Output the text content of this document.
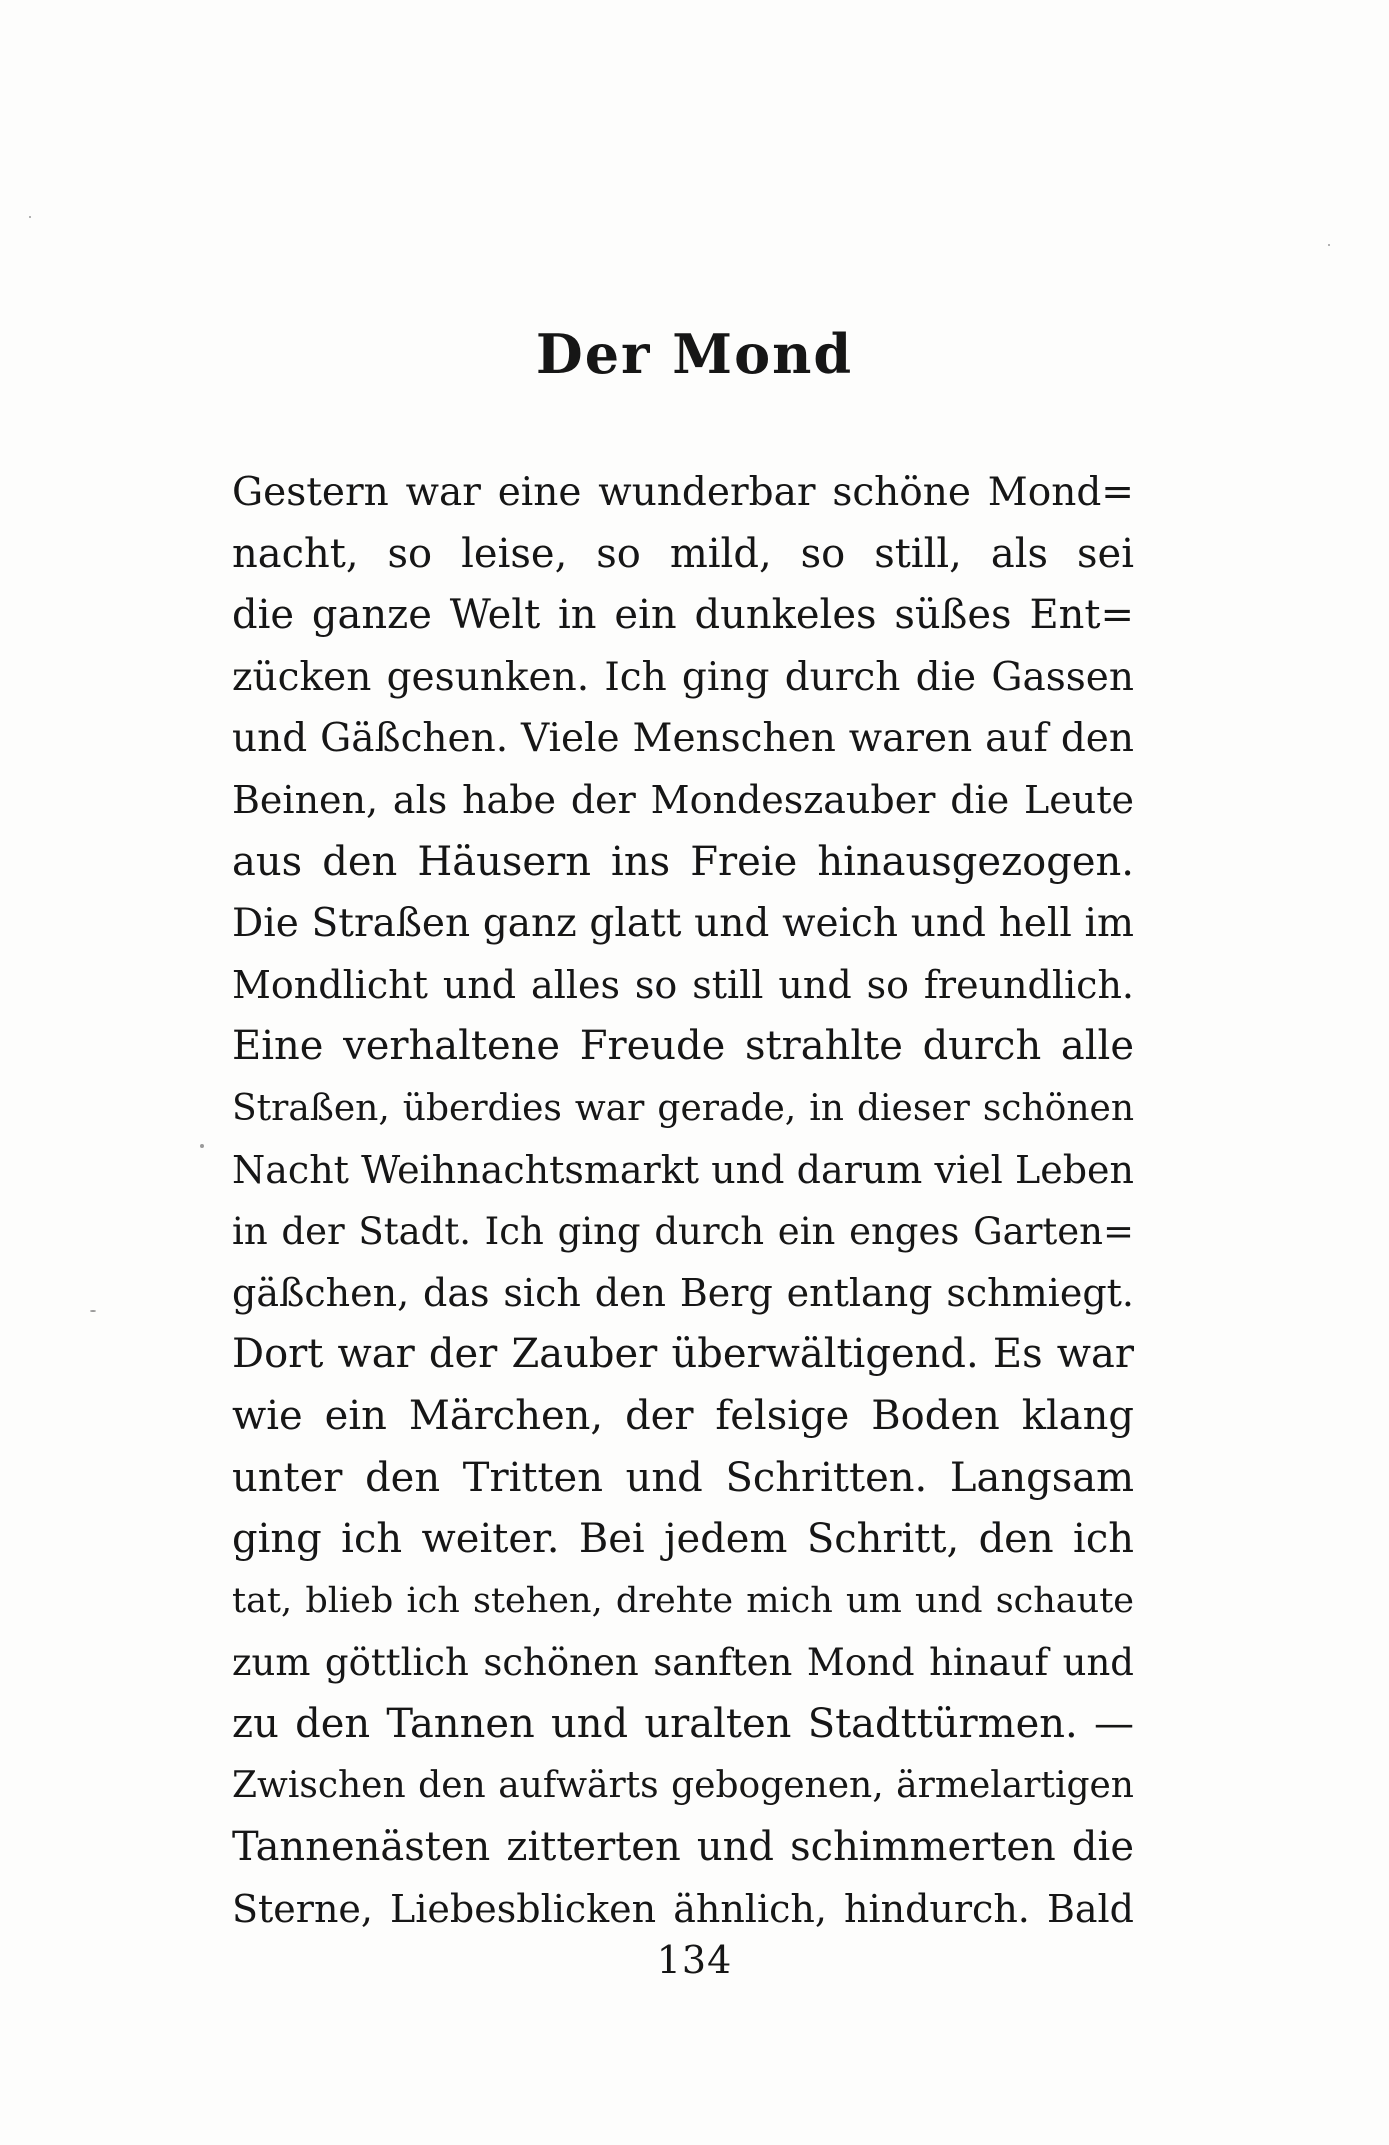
Der Mond
Gestern war eine wunderbar schöne Mond=
nacht, so leise, so mild, so still, als sei
die ganze Welt in ein dunkeles süßes Ent=
zücken gesunken. Ich ging durch die Gassen
und Gäßchen. Viele Menschen waren auf den
Beinen, als habe der Mondeszauber die Leute
aus den Häusern ins Freie hinausgezogen.
Die Straßen ganz glatt und weich und hell im
Mondlicht und alles so still und so freundlich.
Eine verhaltene Freude strahlte durch alle
Straßen, überdies war gerade, in dieser schönen
Nacht Weihnachtsmarkt und darum viel Leben
in der Stadt. Ich ging durch ein enges Garten=
gäßchen, das sich den Berg entlang schmiegt.
Dort war der Zauber überwältigend. Es war
wie ein Märchen, der felsige Boden klang
unter den Tritten und Schritten. Langsam
ging ich weiter. Bei jedem Schritt, den ich
tat, blieb ich stehen, drehte mich um und schaute
zum göttlich schönen sanften Mond hinauf und
zu den Tannen und uralten Stadttürmen. —
Zwischen den aufwärts gebogenen, ärmelartigen
Tannenästen zitterten und schimmerten die
Sterne, Liebesblicken ähnlich, hindurch. Bald

134
